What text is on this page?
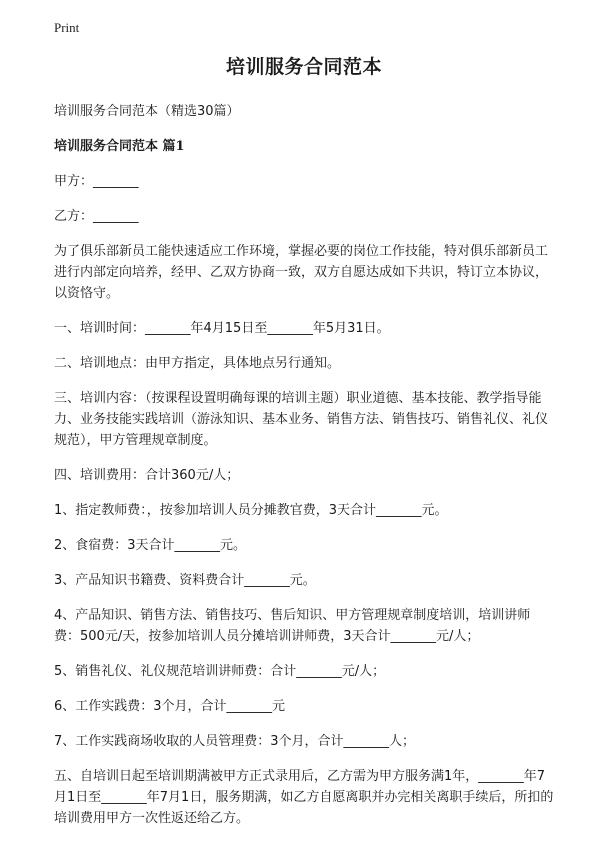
Print
培训服务合同范本
培训服务合同范本（精选30篇）
培训服务合同范本 篇1
甲方：_______
乙方：_______
为了俱乐部新员工能快速适应工作环境，掌握必要的岗位工作技能，特对俱乐部新员工进行内部定向培养，经甲、乙双方协商一致，双方自愿达成如下共识，特订立本协议，以资恪守。
一、培训时间：_______年4月15日至_______年5月31日。
二、培训地点：由甲方指定，具体地点另行通知。
三、培训内容：（按课程设置明确每课的培训主题）职业道德、基本技能、教学指导能力、业务技能实践培训（游泳知识、基本业务、销售方法、销售技巧、销售礼仪、礼仪规范），甲方管理规章制度。
四、培训费用：合计360元/人；
1、指定教师费：，按参加培训人员分摊教官费，3天合计_______元。
2、食宿费：3天合计_______元。
3、产品知识书籍费、资料费合计_______元。
4、产品知识、销售方法、销售技巧、售后知识、甲方管理规章制度培训，培训讲师费：500元/天，按参加培训人员分摊培训讲师费，3天合计_______元/人；
5、销售礼仪、礼仪规范培训讲师费：合计_______元/人；
6、工作实践费：3个月，合计_______元
7、工作实践商场收取的人员管理费：3个月，合计_______人；
五、自培训日起至培训期满被甲方正式录用后，乙方需为甲方服务满1年，_______年7月1日至_______年7月1日，服务期满，如乙方自愿离职并办完相关离职手续后，所扣的培训费用甲方一次性返还给乙方。
